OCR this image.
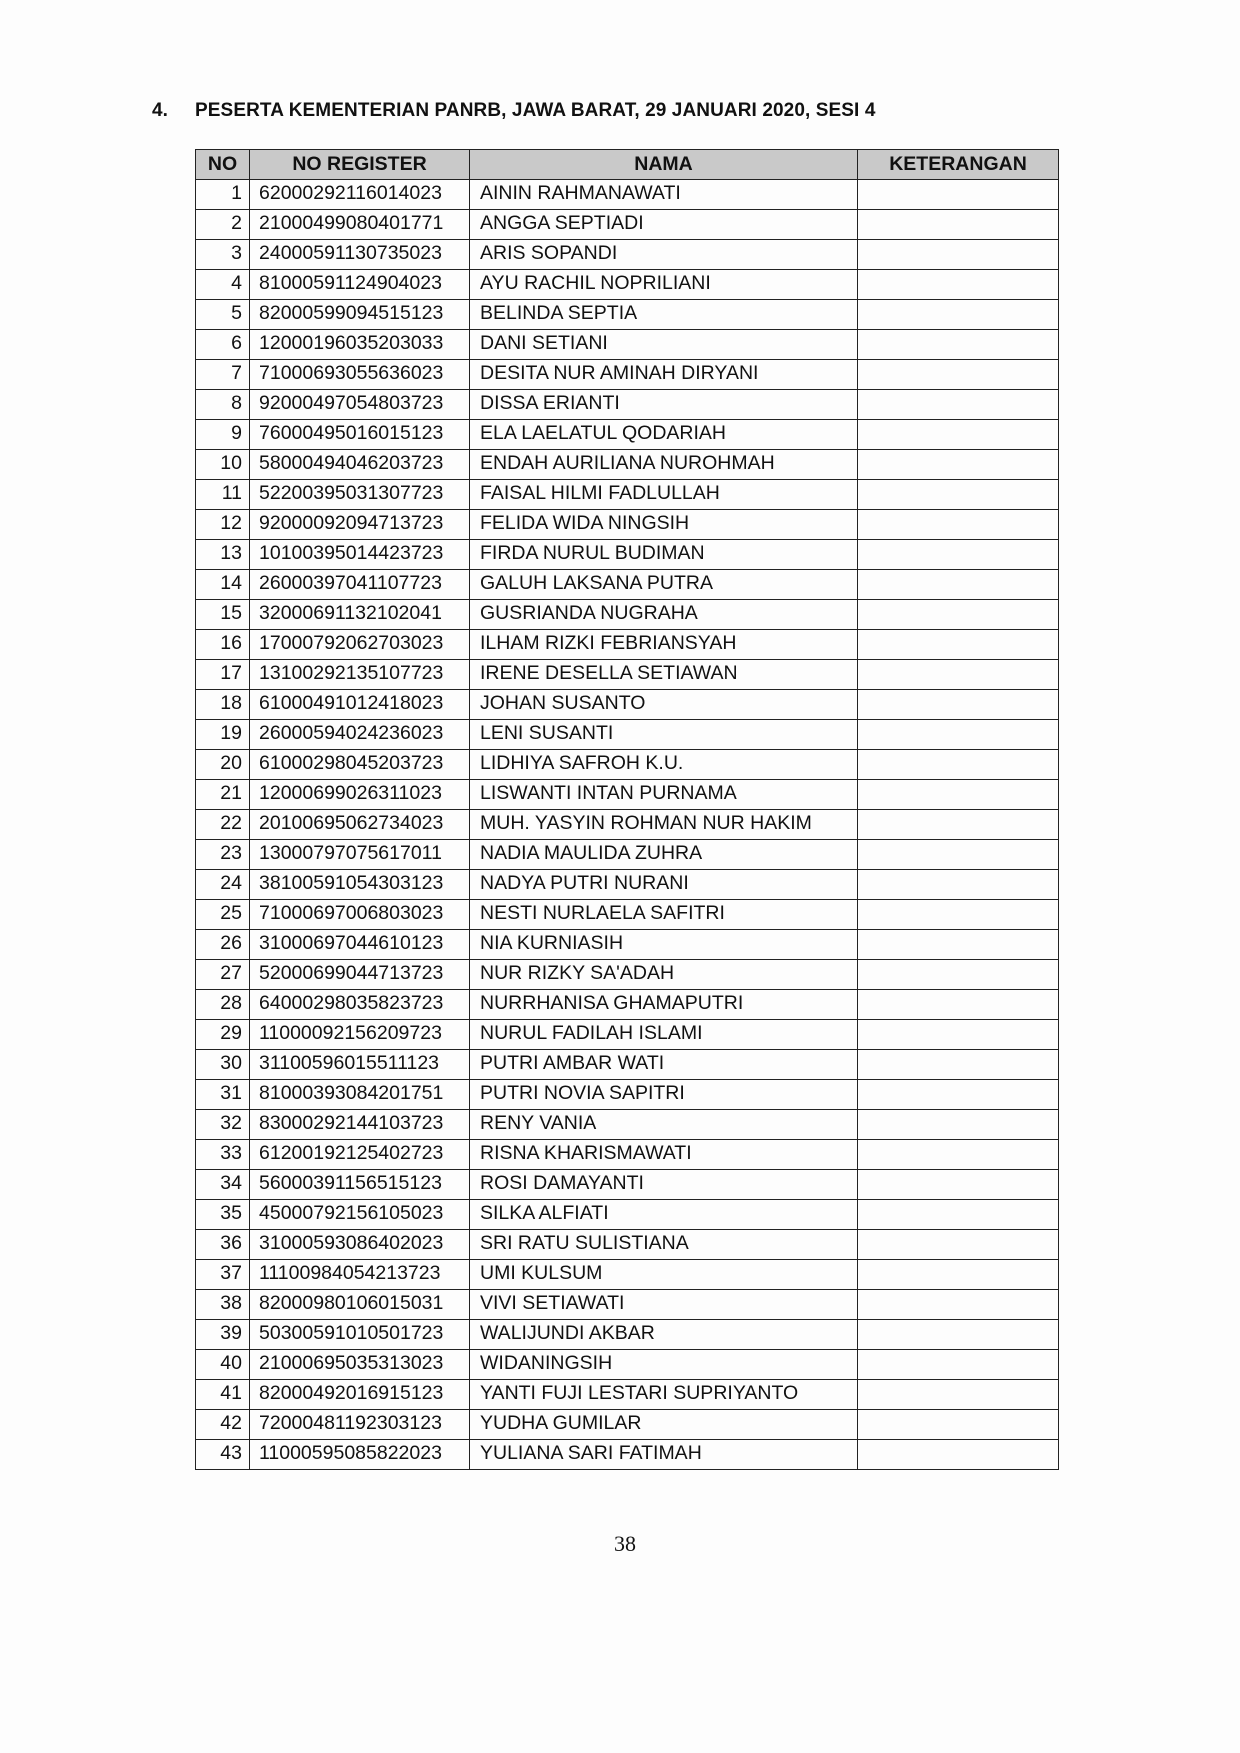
4. PESERTA KEMENTERIAN PANRB, JAWA BARAT, 29 JANUARI 2020, SESI 4
NO	NO REGISTER	NAMA	KETERANGAN
1	62000292116014023	AININ RAHMANAWATI	
2	21000499080401771	ANGGA SEPTIADI	
3	24000591130735023	ARIS SOPANDI	
4	81000591124904023	AYU RACHIL NOPRILIANI	
5	82000599094515123	BELINDA SEPTIA	
6	12000196035203033	DANI SETIANI	
7	71000693055636023	DESITA NUR AMINAH DIRYANI	
8	92000497054803723	DISSA ERIANTI	
9	76000495016015123	ELA LAELATUL QODARIAH	
10	58000494046203723	ENDAH AURILIANA NUROHMAH	
11	52200395031307723	FAISAL HILMI FADLULLAH	
12	92000092094713723	FELIDA WIDA NINGSIH	
13	10100395014423723	FIRDA NURUL BUDIMAN	
14	26000397041107723	GALUH LAKSANA PUTRA	
15	32000691132102041	GUSRIANDA NUGRAHA	
16	17000792062703023	ILHAM RIZKI FEBRIANSYAH	
17	13100292135107723	IRENE DESELLA SETIAWAN	
18	61000491012418023	JOHAN SUSANTO	
19	26000594024236023	LENI SUSANTI	
20	61000298045203723	LIDHIYA SAFROH K.U.	
21	12000699026311023	LISWANTI INTAN PURNAMA	
22	20100695062734023	MUH. YASYIN ROHMAN NUR HAKIM	
23	13000797075617011	NADIA MAULIDA ZUHRA	
24	38100591054303123	NADYA PUTRI NURANI	
25	71000697006803023	NESTI NURLAELA SAFITRI	
26	31000697044610123	NIA KURNIASIH	
27	52000699044713723	NUR RIZKY SA'ADAH	
28	64000298035823723	NURRHANISA GHAMAPUTRI	
29	11000092156209723	NURUL FADILAH ISLAMI	
30	31100596015511123	PUTRI AMBAR WATI	
31	81000393084201751	PUTRI NOVIA SAPITRI	
32	83000292144103723	RENY VANIA	
33	61200192125402723	RISNA KHARISMAWATI	
34	56000391156515123	ROSI DAMAYANTI	
35	45000792156105023	SILKA ALFIATI	
36	31000593086402023	SRI RATU SULISTIANA	
37	11100984054213723	UMI KULSUM	
38	82000980106015031	VIVI SETIAWATI	
39	50300591010501723	WALIJUNDI AKBAR	
40	21000695035313023	WIDANINGSIH	
41	82000492016915123	YANTI FUJI LESTARI SUPRIYANTO	
42	72000481192303123	YUDHA GUMILAR	
43	11000595085822023	YULIANA SARI FATIMAH	
38
